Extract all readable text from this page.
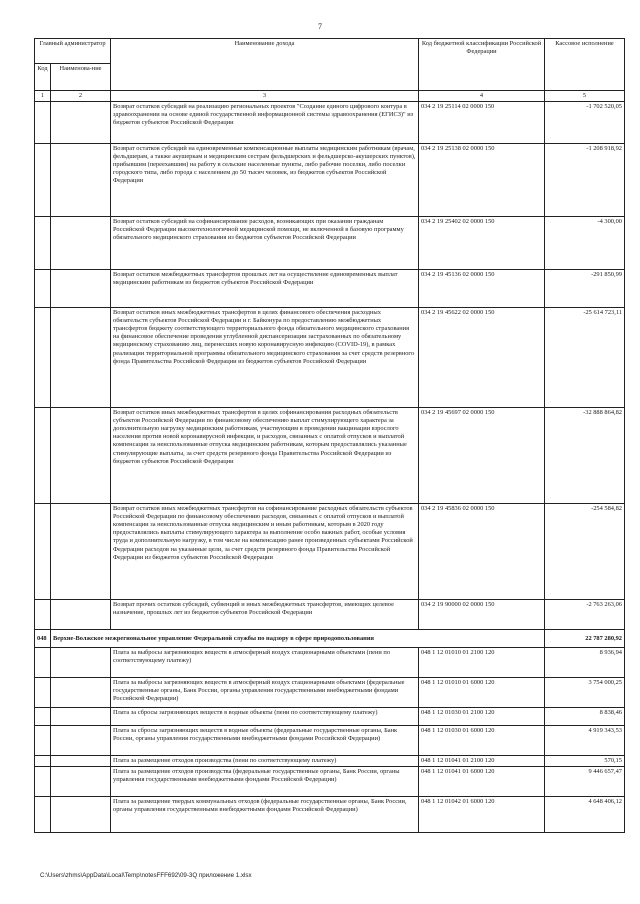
7
Главный администратор		Наименование дохода	Код бюджетной классификации Российской Федерации	Кассовое исполнение
Код	Наименова-ние			
1	2	3	4	5
		Возврат остатков субсидий на реализацию региональных проектов "Создание единого цифрового контура в здравоохранении на основе единой государственной информационной системы здравоохранения (ЕГИСЗ)" из бюджетов субъектов Российской Федерации	034 2 19 25114 02 0000 150	-1 702 520,05
		Возврат остатков субсидий на единовременные компенсационные выплаты медицинским работникам (врачам, фельдшерам, а также акушеркам и медицинским сестрам фельдшерских и фельдшерско-акушерских пунктов), прибывшим (переехавшим) на работу в сельские населенные пункты, либо рабочие поселки, либо поселки городского типа, либо города с населением до 50 тысяч человек, из бюджетов субъектов Российской Федерации	034 2 19 25138 02 0000 150	-1 208 918,92
		Возврат остатков субсидий на софинансирование расходов, возникающих при оказании гражданам Российской Федерации высокотехнологичной медицинской помощи, не включенной в базовую программу обязательного медицинского страхования из бюджетов субъектов Российской Федерации	034 2 19 25402 02 0000 150	-4 300,00
		Возврат остатков межбюджетных трансфертов прошлых лет на осуществление единовременных выплат медицинским работникам из бюджетов субъектов Российской Федерации	034 2 19 45136 02 0000 150	-291 850,99
		Возврат остатков иных межбюджетных трансфертов в целях финансового обеспечения расходных обязательств субъектов Российской Федерации и г. Байконура по предоставлению межбюджетных трансфертов бюджету соответствующего территориального фонда обязательного медицинского страхования на финансовое обеспечение проведения углубленной диспансеризации застрахованных по обязательному медицинскому страхованию лиц, перенесших новую коронавирусную инфекцию (COVID-19), в рамках реализации территориальной программы обязательного медицинского страхования за счет средств резервного фонда Правительства Российской Федерации из бюджетов субъектов Российской Федерации	034 2 19 45622 02 0000 150	-25 614 723,11
		Возврат остатков иных межбюджетных трансфертов в целях софинансирования расходных обязательств субъектов Российской Федерации по финансовому обеспечению выплат стимулирующего характера за дополнительную нагрузку медицинским работникам, участвующим в проведении вакцинации взрослого населения против новой коронавирусной инфекции, и расходов, связанных с оплатой отпусков и выплатой компенсации за неиспользованные отпуска медицинским работникам, которым предоставлялись указанные стимулирующие выплаты, за счет средств резервного фонда Правительства Российской Федерации из бюджетов субъектов Российской Федерации	034 2 19 45697 02 0000 150	-32 888 864,82
		Возврат остатков иных межбюджетных трансфертов на софинансирование расходных обязательств субъектов Российской Федерации по финансовому обеспечению расходов, связанных с оплатой отпусков и выплатой компенсации за неиспользованные отпуска медицинским и иным работникам, которым в 2020 году предоставлялись выплаты стимулирующего характера за выполнение особо важных работ, особые условия труда и дополнительную нагрузку, в том числе на компенсацию ранее произведенных субъектами Российской Федерации расходов на указанные цели, за счет средств резервного фонда Правительства Российской Федерации из бюджетов субъектов Российской Федерации	034 2 19 45836 02 0000 150	-254 584,82
		Возврат прочих остатков субсидий, субвенций и иных межбюджетных трансфертов, имеющих целевое назначение, прошлых лет из бюджетов субъектов Российской Федерации	034 2 19 90000 02 0000 150	-2 763 263,06
048	Верхне-Волжское межрегиональное управление Федеральной службы по надзору в сфере природопользования			22 787 280,92
		Плата за выбросы загрязняющих веществ в атмосферный воздух стационарными объектами (пени по соответствующему платежу)	048 1 12 01010 01 2100 120	8 936,94
		Плата за выбросы загрязняющих веществ в атмосферный воздух стационарными объектами (федеральные государственные органы, Банк России, органы управления государственными внебюджетными фондами Российской Федерации)	048 1 12 01010 01 6000 120	3 754 000,25
		Плата за сбросы загрязняющих веществ в водные объекты (пени по соответствующему платежу)	048 1 12 01030 01 2100 120	8 838,46
		Плата за сбросы загрязняющих веществ в водные объекты (федеральные государственные органы, Банк России, органы управления государственными внебюджетными фондами Российской Федерации)	048 1 12 01030 01 6000 120	4 919 343,53
		Плата за размещение отходов производства (пени по соответствующему платежу)	048 1 12 01041 01 2100 120	570,15
		Плата за размещение отходов производства (федеральные государственные органы, Банк России, органы управления государственными внебюджетными фондами Российской Федерации)	048 1 12 01041 01 6000 120	9 446 657,47
		Плата за размещение твердых коммунальных отходов (федеральные государственные органы, Банк России, органы управления государственными внебюджетными фондами Российской Федерации)	048 1 12 01042 01 6000 120	4 648 406,12
C:\Users\zhms\AppData\Local\Temp\notesFFF692\09-3Q приложение 1.xlsx
